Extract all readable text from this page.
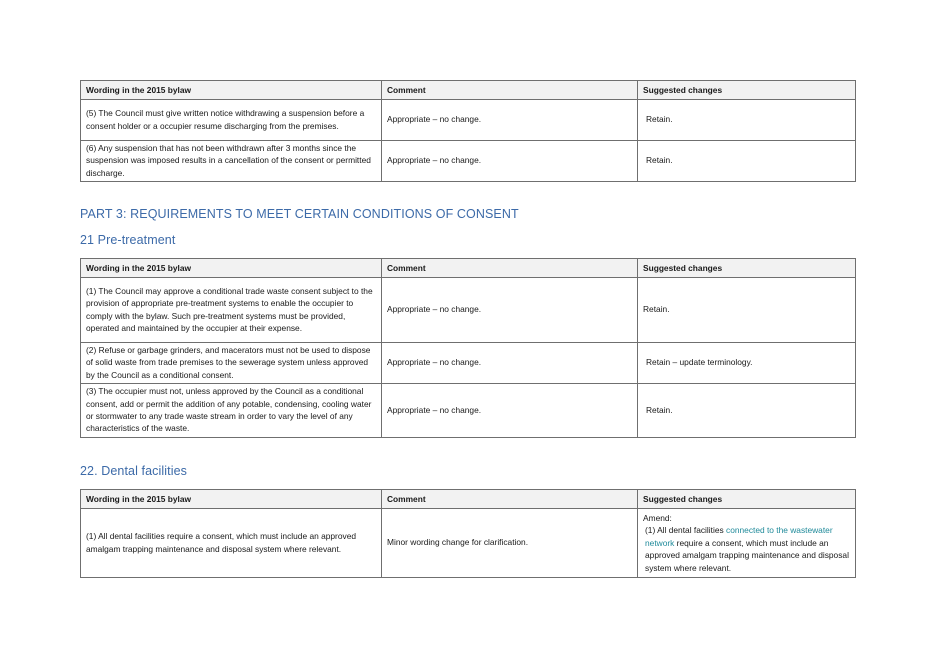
Wording in the 2015 bylaw	Comment	Suggested changes
(5) The Council must give written notice withdrawing a suspension before a consent holder or a occupier resume discharging from the premises.	Appropriate – no change.	Retain.
(6) Any suspension that has not been withdrawn after 3 months since the suspension was imposed results in a cancellation of the consent or permitted discharge.	Appropriate – no change.	Retain.
PART 3: REQUIREMENTS TO MEET CERTAIN CONDITIONS OF CONSENT
21 Pre-treatment
Wording in the 2015 bylaw	Comment	Suggested changes
(1) The Council may approve a conditional trade waste consent subject to the provision of appropriate pre-treatment systems to enable the occupier to comply with the bylaw. Such pre-treatment systems must be provided, operated and maintained by the occupier at their expense.	Appropriate – no change.	Retain.
(2) Refuse or garbage grinders, and macerators must not be used to dispose of solid waste from trade premises to the sewerage system unless approved by the Council as a conditional consent.	Appropriate – no change.	Retain – update terminology.
(3) The occupier must not, unless approved by the Council as a conditional consent, add or permit the addition of any potable, condensing, cooling water or stormwater to any trade waste stream in order to vary the level of any characteristics of the waste.	Appropriate – no change.	Retain.
22. Dental facilities
Wording in the 2015 bylaw	Comment	Suggested changes
(1) All dental facilities require a consent, which must include an approved amalgam trapping maintenance and disposal system where relevant.	Minor wording change for clarification.	Amend:
(1) All dental facilities connected to the wastewater network require a consent, which must include an approved amalgam trapping maintenance and disposal system where relevant.
